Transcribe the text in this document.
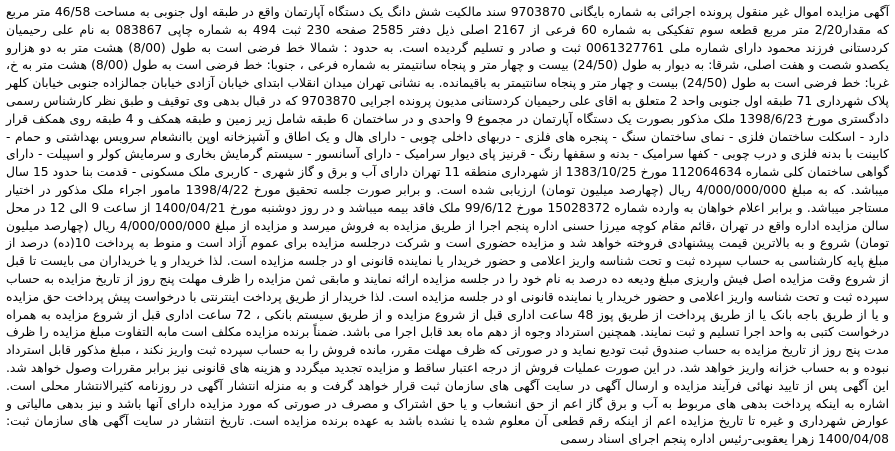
آگهی مزایده اموال غیر منقول پرونده اجرائی به شماره بایگانی 9703870 سند مالکیت شش دانگ یک دستگاه آپارتمان واقع در طبقه اول جنوبی به مساحت 46/58 متر مربع که مقدار2/20 متر مربع قطعه سوم تفکیکی به شماره 60 فرعی از 2167 اصلی ذیل دفتر 2585 صفحه 230 ثبت 494 به شماره چاپی 083867 به نام علی رحیمیان کردستانی فرزند محمود دارای شماره ملی 0061327761 ثبت و صادر و تسلیم گردیده است. به حدود : شمالا خط فرضی است به طول (8/00) هشت متر به دو هزارو یکصدو شصت و هفت اصلی، شرقا: به دیوار به طول (24/50) بیست و چهار متر و پنجاه سانتیمتر به شماره فرعی ، جنوبا: خط فرضی است به طول (8/00) هشت متر به خ، غربا: خط فرضی است به طول (24/50) بیست و چهار متر و پنجاه سانتیمتر به باقیمانده. به نشانی تهران میدان انقلاب ابتدای خیابان آزادی خیابان جمالزاده جنوبی خیابان کلهر پلاک شهرداری 71 طبقه اول جنوبی واحد 2 متعلق به اقای علی رحیمیان کردستانی مدیون پرونده اجرایی 9703870 که در قبال بدهی وی توقیف و طبق نظر کارشناس رسمی دادگستری مورخ 1398/6/23 ملک مذکور بصورت یک دستگاه آپارتمان در مجموع 9 واحدی و در ساختمان 6 طبقه شامل زیر زمین و طبقه همکف و 4 طبقه روی همکف قرار دارد - اسکلت ساختمان فلزی - نمای ساختمان سنگ - پنجره های فلزی - دربهای داخلی چوبی - دارای هال و یک اطاق و آشپزخانه اوپن باانشعام سرویس بهداشتی و حمام - کابینت با بدنه فلزی و درب چوبی - کفها سرامیک - بدنه و سقفها رنگ - قرنیز پای دیوار سرامیک - دارای آسانسور - سیستم گرمایش بخاری و سرمایش کولر و اسپیلت - دارای گواهی ساختمان کلی شماره 112064634 مورخ 1383/10/25 از شهرداری منطقه 11 تهران دارای آب و برق و گاز شهری - کاربری ملک مسکونی - قدمت بنا حدود 15 سال میباشد. که به مبلغ 4/000/000/000 ریال (چهارصد میلیون تومان) ارزیابی شده است. و برابر صورت جلسه تحقیق مورخ 1398/4/22 مامور اجراء ملک مذکور در اختیار مستاجر میباشد. و برابر اعلام خواهان به وارده شماره 15028372 مورخ 99/6/12 ملک فاقد بیمه میباشد و در روز دوشنبه مورخ 1400/04/21 از ساعت 9 الی 12 در محل سالن مزایده اداره واقع در تهران ،قائم مقام کوچه میرزا حسنی اداره پنجم اجرا از طریق مزایده به فروش میرسد و مزایده از مبلغ 4/000/000/000 ریال (چهارصد میلیون تومان) شروع و به بالاترین قیمت پیشنهادی فروخته خواهد شد و مزایده حضوری است و شرکت درجلسه مزایده برای عموم آزاد است و منوط به پرداخت 10(ده) درصد از مبلغ پایه کارشناسی به حساب سپرده ثبت و تحت شناسه واریز اعلامی و حضور خریدار یا نماینده قانونی او در جلسه مزایده است. لذا خریدار و یا خریداران می بایست تا قبل از شروع وقت مزایده اصل فیش واریزی مبلغ ودیعه ده درصد به نام خود را در جلسه مزایده ارائه نمایند و مابقی ثمن مزایده را ظرف مهلت پنج روز از تاریخ مزایده به حساب سپرده ثبت و تحت شناسه واریز اعلامی و حضور خریدار یا نماینده قانونی او در جلسه مزایده است. لذا خریدار از طریق پرداخت اینترنتی با درخواست پیش پرداخت حق مزایده و یا از طریق باجه بانک یا از طریق پرداخت از طریق پوز 48 ساعت اداری قبل از شروع مزایده و از طریق سیستم بانکی ، 72 ساعت اداری قبل از شروع مزایده به همراه درخواست کتبی به واحد اجرا تسلیم و ثبت نمایند. همچنین استرداد وجوه از دهم ماه بعد قابل اجرا می باشد. ضمناً برنده مزایده مکلف است مابه التفاوت مبلغ مزایده را ظرف مدت پنج روز از تاریخ مزایده به حساب صندوق ثبت تودیع نماید و در صورتی که ظرف مهلت مقرر، مانده فروش را به حساب سپرده ثبت واریز نکند ، مبلغ مذکور قابل استرداد نبوده و به حساب خزانه واریز خواهد شد. در این صورت عملیات فروش از درجه اعتبار ساقط و مزایده تجدید میگردد و هزینه های قانونی نیز برابر مقررات وصول خواهد شد. این آگهی پس از تایید نهائی فرآیند مزایده و ارسال آگهی در سایت آگهی های سازمان ثبت قرار خواهد گرفت و به منزله انتشار آگهی در روزنامه کثیرالانتشار محلی است. اشاره به اینکه پرداخت بدهی های مربوط به آب و برق گاز اعم از حق انشعاب و یا حق اشتراک و مصرف در صورتی که مورد مزایده دارای آنها باشد و نیز بدهی مالیاتی و عوارض شهرداری و غیره تا تاریخ مزایده اعم از اینکه رقم قطعی آن معلوم شده یا نشده باشد به عهده برنده مزایده است. تاریخ انتشار در سایت آگهی های سازمان ثبت: 1400/04/08 زهرا یعقوبی-رئیس اداره پنجم اجرای اسناد رسمی
